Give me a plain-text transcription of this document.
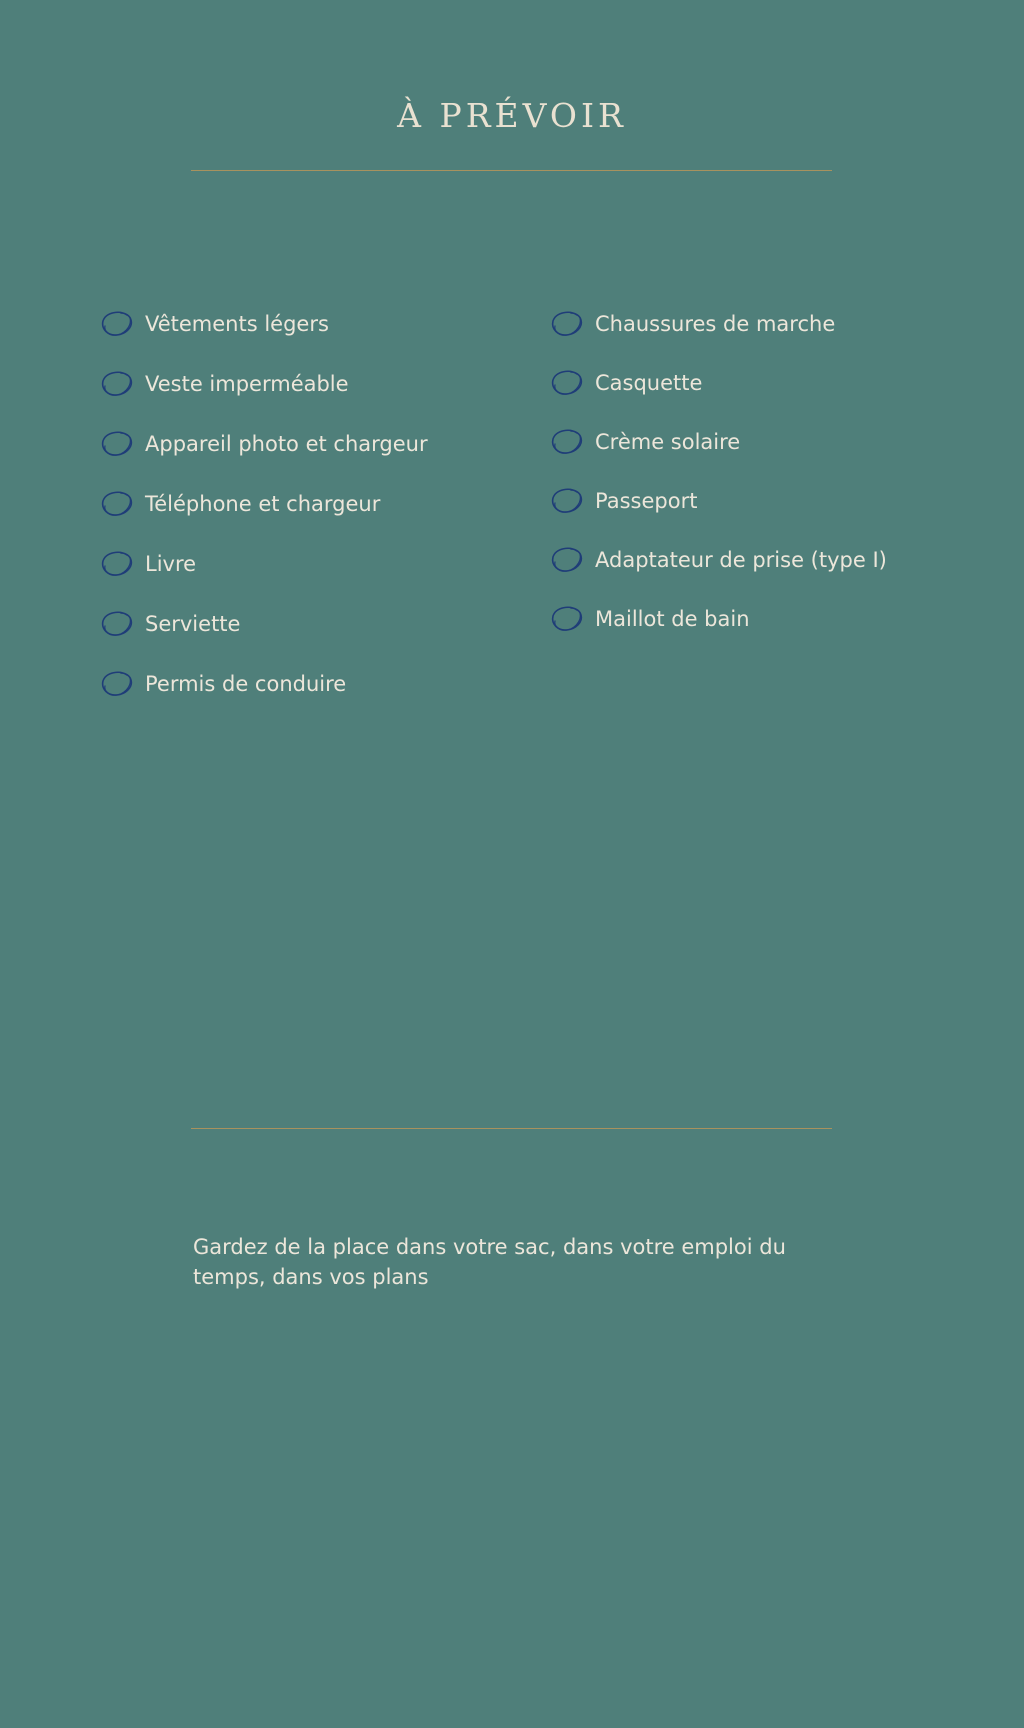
À PRÉVOIR
Vêtements légers
Veste imperméable
Appareil photo et chargeur
Téléphone et chargeur
Livre
Serviette
Permis de conduire
Chaussures de marche
Casquette
Crème solaire
Passeport
Adaptateur de prise (type I)
Maillot de bain

Gardez de la place dans votre sac, dans votre emploi du temps, dans vos plans
